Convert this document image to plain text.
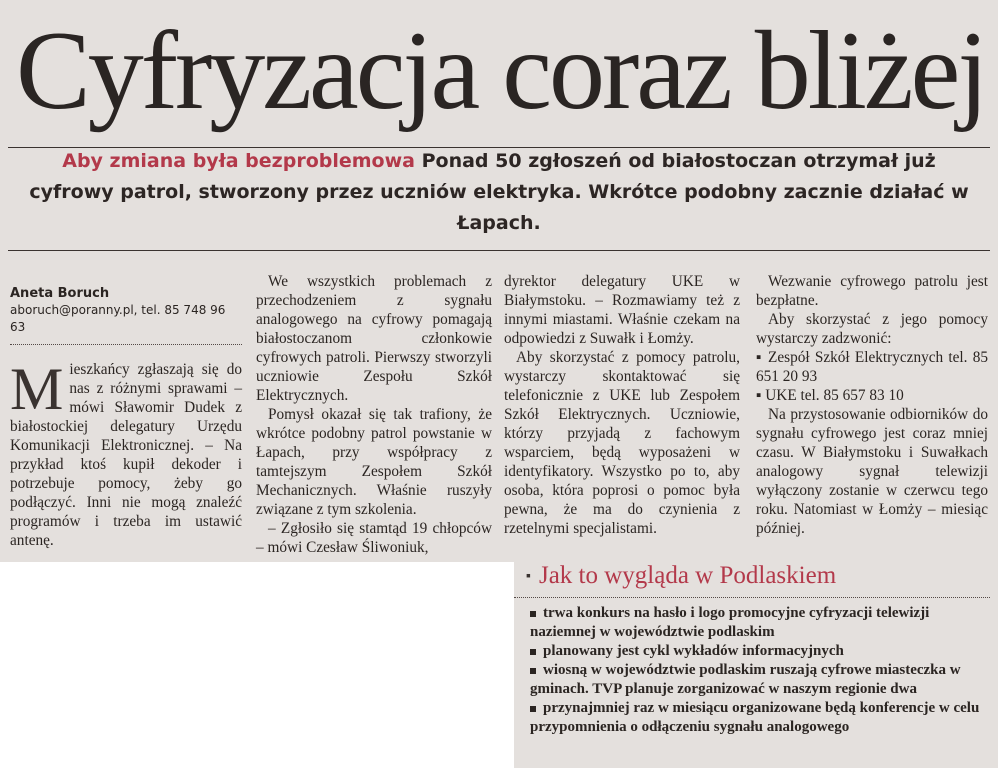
Cyfryzacja coraz bliżej

Aby zmiana była bezproblemowa Ponad 50 zgłoszeń od białostoczan otrzymał już cyfrowy patrol, stworzony przez uczniów elektryka. Wkrótce podobny zacznie działać w Łapach.

Aneta Boruch
aboruch@poranny.pl, tel. 85 748 96 63

Mieszkańcy zgłaszają się do nas z różnymi sprawami – mówi Sławomir Dudek z białostockiej delegatury Urzędu Komunikacji Elektronicznej. – Na przykład ktoś kupił dekoder i potrzebuje pomocy, żeby go podłączyć. Inni nie mogą znaleźć programów i trzeba im ustawić antenę.

We wszystkich problemach z przechodzeniem z sygnału analogowego na cyfrowy pomagają białostoczanom członkowie cyfrowych patroli. Pierwszy stworzyli uczniowie Zespołu Szkół Elektrycznych.

Pomysł okazał się tak trafiony, że wkrótce podobny patrol powstanie w Łapach, przy współpracy z tamtejszym Zespołem Szkół Mechanicznych. Właśnie ruszyły związane z tym szkolenia.

– Zgłosiło się stamtąd 19 chłopców – mówi Czesław Śliwoniuk,

dyrektor delegatury UKE w Białymstoku. – Rozmawiamy też z innymi miastami. Właśnie czekam na odpowiedzi z Suwałk i Łomży.

Aby skorzystać z pomocy patrolu, wystarczy skontaktować się telefonicznie z UKE lub Zespołem Szkół Elektrycznych. Uczniowie, którzy przyjadą z fachowym wsparciem, będą wyposażeni w identyfikatory. Wszystko po to, aby osoba, która poprosi o pomoc była pewna, że ma do czynienia z rzetelnymi specjalistami.

Wezwanie cyfrowego patrolu jest bezpłatne.

Aby skorzystać z jego pomocy wystarczy zadzwonić:

▪ Zespół Szkół Elektrycznych tel. 85 651 20 93

▪ UKE tel. 85 657 83 10

Na przystosowanie odbiorników do sygnału cyfrowego jest coraz mniej czasu. W Białymstoku i Suwałkach analogowy sygnał telewizji wyłączony zostanie w czerwcu tego roku. Natomiast w Łomży – miesiąc później.

▪ Jak to wygląda w Podlaskiem
trwa konkurs na hasło i logo promocyjne cyfryzacji telewizji naziemnej w województwie podlaskim
planowany jest cykl wykładów informacyjnych
wiosną w województwie podlaskim ruszają cyfrowe miasteczka w gminach. TVP planuje zorganizować w naszym regionie dwa
przynajmniej raz w miesiącu organizowane będą konferencje w celu przypomnienia o odłączeniu sygnału analogowego
